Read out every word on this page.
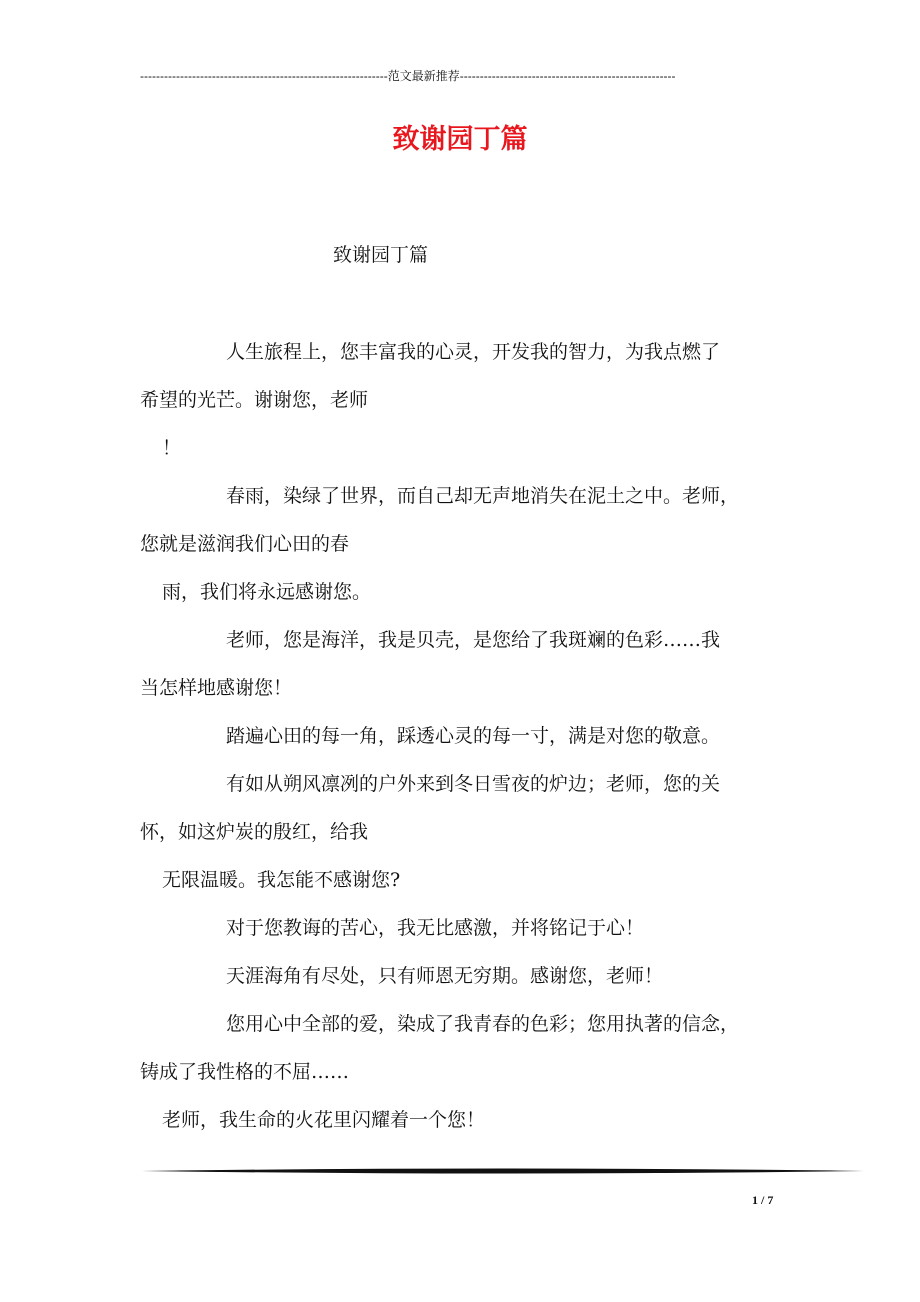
--------------------------------------------------------------范文最新推荐------------------------------------------------------
致谢园丁篇

致谢园丁篇

人生旅程上，您丰富我的心灵，开发我的智力，为我点燃了
希望的光芒。谢谢您，老师
！
春雨，染绿了世界，而自己却无声地消失在泥土之中。老师，
您就是滋润我们心田的春
雨，我们将永远感谢您。
老师，您是海洋，我是贝壳，是您给了我斑斓的色彩……我
当怎样地感谢您！
踏遍心田的每一角，踩透心灵的每一寸，满是对您的敬意。
有如从朔风凛冽的户外来到冬日雪夜的炉边；老师，您的关
怀，如这炉炭的殷红，给我
无限温暖。我怎能不感谢您?
对于您教诲的苦心，我无比感激，并将铭记于心！
天涯海角有尽处，只有师恩无穷期。感谢您，老师！
您用心中全部的爱，染成了我青春的色彩；您用执著的信念，
铸成了我性格的不屈……
老师，我生命的火花里闪耀着一个您！
1 / 7
